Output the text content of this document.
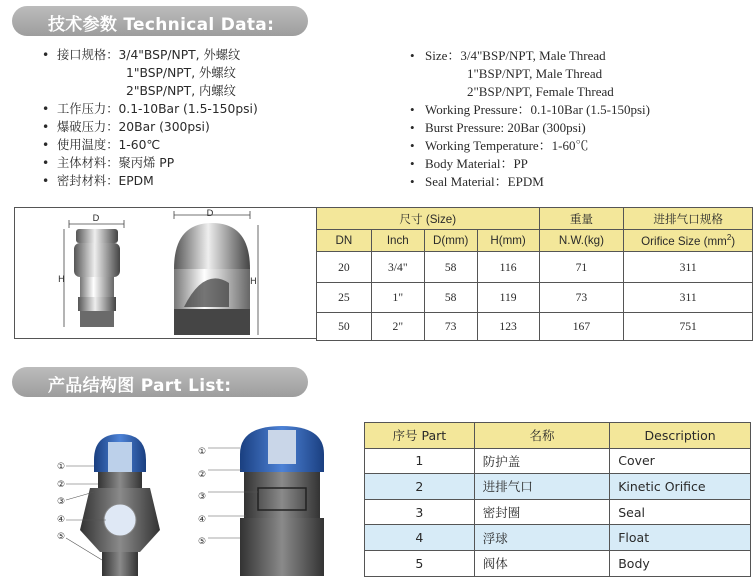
技术参数 Technical Data:
• 接口规格：3/4"BSP/NPT, 外螺纹
1"BSP/NPT, 外螺纹
2"BSP/NPT, 内螺纹
• 工作压力：0.1-10Bar (1.5-150psi)
• 爆破压力：20Bar (300psi)
• 使用温度：1-60℃
• 主体材料：聚丙烯 PP
• 密封材料：EPDM
• Size：3/4"BSP/NPT, Male Thread
1"BSP/NPT, Male Thread
2"BSP/NPT, Female Thread
• Working Pressure：0.1-10Bar (1.5-150psi)
• Burst Pressure: 20Bar (300psi)
• Working Temperature：1-60℃
• Body Material：PP
• Seal Material：EPDM
D
H
D
H
尺寸 (Size)				重量	进排气口规格
DN	Inch	D(mm)	H(mm)	N.W.(kg)	Orifice Size $(mm^2)$
20	3/4"	58	116	71	311
25	1"	58	119	73	311
50	2"	73	123	167	751
产品结构图 Part List:
①
②
③
④
⑤
①
②
③
④
⑤
序号 Part	名称	Description
1	防护盖	Cover
2	进排气口	Kinetic Orifice
3	密封圈	Seal
4	浮球	Float
5	阀体	Body
